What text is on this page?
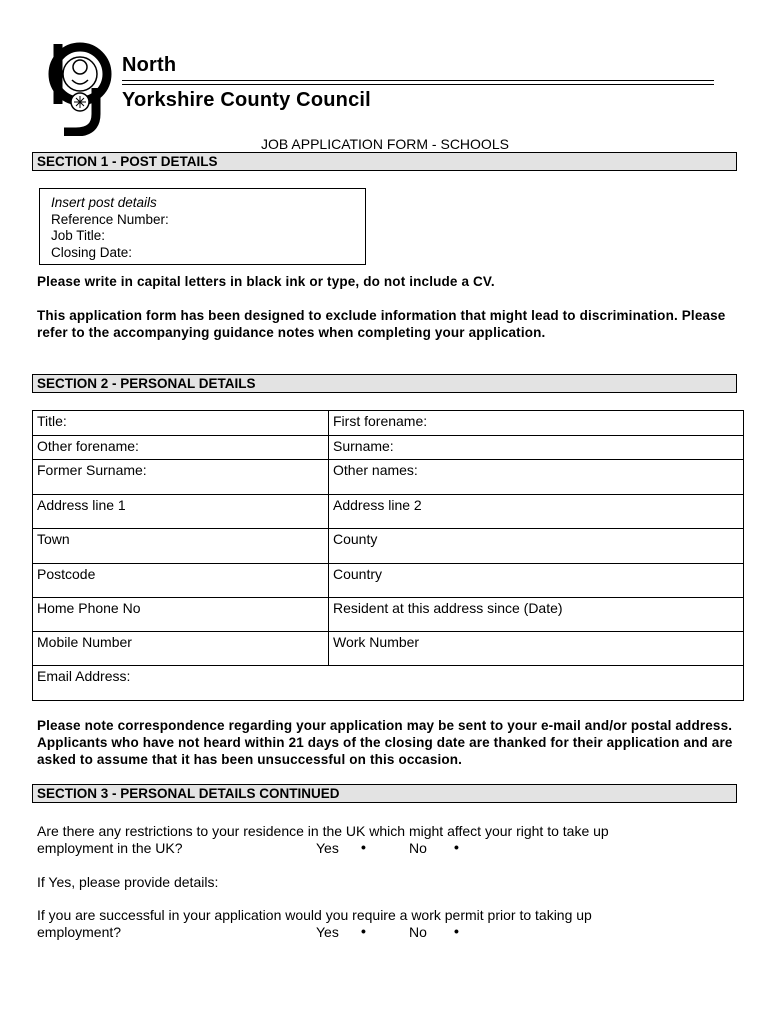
North
Yorkshire County Council
JOB APPLICATION FORM - SCHOOLS
SECTION 1 - POST DETAILS
Insert post details
Reference Number:
Job Title:
Closing Date:
Please write in capital letters in black ink or type, do not include a CV.
This application form has been designed to exclude information that might lead to discrimination. Please refer to the accompanying guidance notes when completing your application.
SECTION 2 - PERSONAL DETAILS
Title:	First forename:
Other forename:	Surname:
Former Surname:	Other names:
Address line 1	Address line 2
Town	County
Postcode	Country
Home Phone No	Resident at this address since (Date)
Mobile Number	Work Number
Email Address:	
Please note correspondence regarding your application may be sent to your e-mail and/or postal address. Applicants who have not heard within 21 days of the closing date are thanked for their application and are asked to assume that it has been unsuccessful on this occasion.
SECTION 3 - PERSONAL DETAILS CONTINUED
Are there any restrictions to your residence in the UK which might affect your right to take up
employment in the UK?	Yes •	No •
If Yes, please provide details:
If you are successful in your application would you require a work permit prior to taking up
employment?	Yes •	No •
